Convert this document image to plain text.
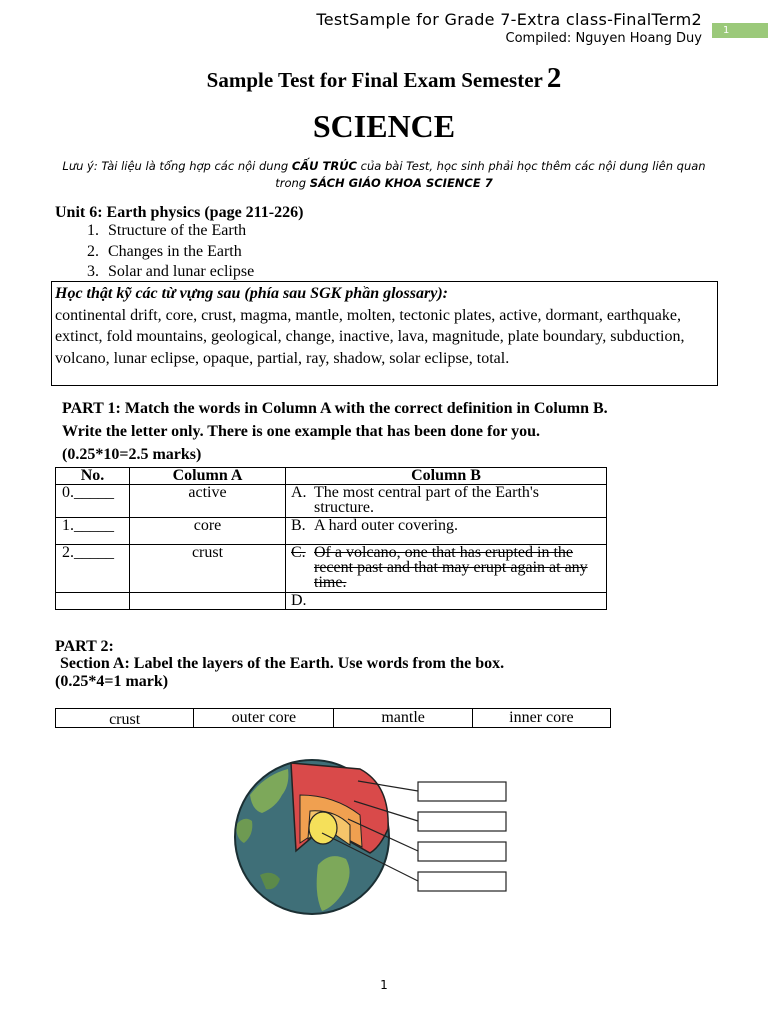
TestSample for Grade 7-Extra class-FinalTerm2
Compiled: Nguyen Hoang Duy
1
Sample Test for Final Exam Semester 2
SCIENCE
Lưu ý: Tài liệu là tổng hợp các nội dung CẤU TRÚC của bài Test, học sinh phải học thêm các nội dung liên quan trong SÁCH GIÁO KHOA SCIENCE 7
Unit 6: Earth physics (page 211-226)
1. Structure of the Earth
2. Changes in the Earth
3. Solar and lunar eclipse
Học thật kỹ các từ vựng sau (phía sau SGK phần glossary):
continental drift, core, crust, magma, mantle, molten, tectonic plates, active, dormant, earthquake, extinct, fold mountains, geological, change, inactive, lava, magnitude, plate boundary, subduction, volcano, lunar eclipse, opaque, partial, ray, shadow, solar eclipse, total.
PART 1: Match the words in Column A with the correct definition in Column B.
Write the letter only. There is one example that has been done for you.
(0.25*10=2.5 marks)
No.	Column A	Column B
0._____	active	A. The most central part of the Earth's structure.

1._____	core	B. A hard outer covering.

2._____	crust	C. Of a volcano, one that has erupted in the recent past and that may erupt again at any time.

		D.
PART 2:
Section A: Label the layers of the Earth. Use words from the box.
(0.25*4=1 mark)
crust	outer core	mantle	inner core
1
